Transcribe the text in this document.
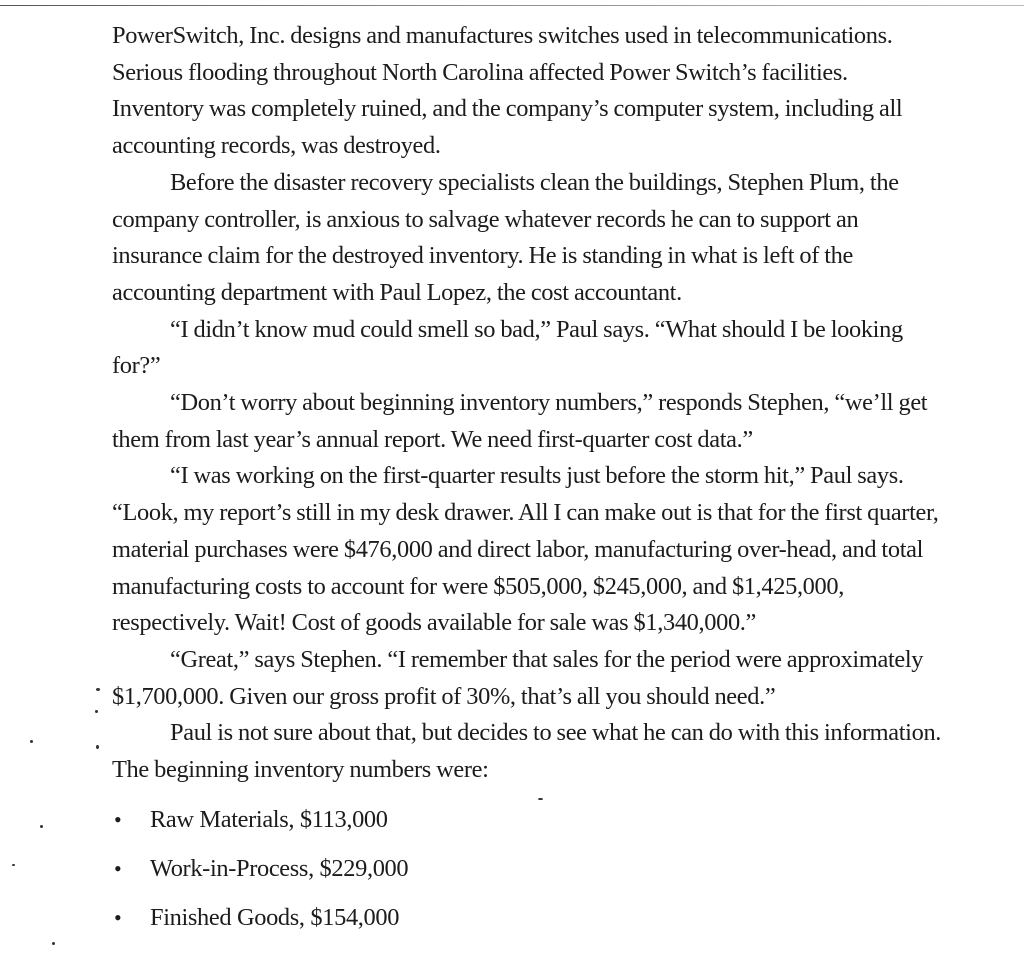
PowerSwitch, Inc. designs and manufactures switches used in telecommunications. Serious flooding throughout North Carolina affected Power Switch’s facilities. Inventory was completely ruined, and the company’s computer system, including all accounting records, was destroyed.

Before the disaster recovery specialists clean the buildings, Stephen Plum, the company controller, is anxious to salvage whatever records he can to support an insurance claim for the destroyed inventory. He is standing in what is left of the accounting department with Paul Lopez, the cost accountant.

“I didn’t know mud could smell so bad,” Paul says. “What should I be looking for?”

“Don’t worry about beginning inventory numbers,” responds Stephen, “we’ll get them from last year’s annual report. We need first-quarter cost data.”

“I was working on the first-quarter results just before the storm hit,” Paul says. “Look, my report’s still in my desk drawer. All I can make out is that for the first quarter, material purchases were $476,000 and direct labor, manufacturing over-head, and total manufacturing costs to account for were $505,000, $245,000, and $1,425,000, respectively. Wait! Cost of goods available for sale was $1,340,000.”

“Great,” says Stephen. “I remember that sales for the period were approximately $1,700,000. Given our gross profit of 30%, that’s all you should need.”

Paul is not sure about that, but decides to see what he can do with this information. The beginning inventory numbers were:

• Raw Materials, $113,000
• Work-in-Process, $229,000
• Finished Goods, $154,000
